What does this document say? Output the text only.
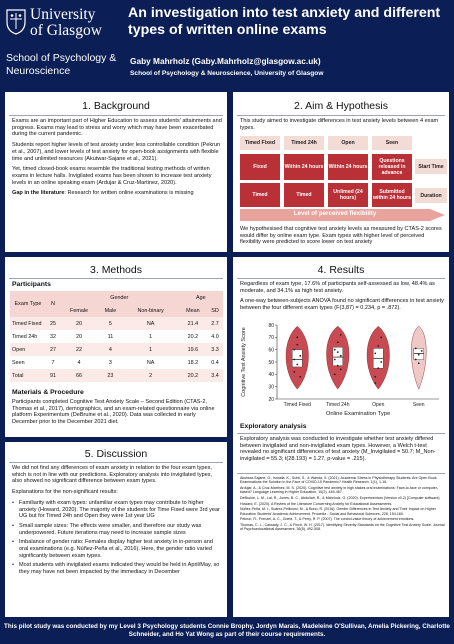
University
of Glasgow
School of Psychology &
Neuroscience
An investigation into test anxiety and different types of written online exams
Gaby Mahrholz (Gaby.Mahrholz@glasgow.ac.uk)
School of Psychology & Neuroscience, University of Glasgow
1. Background

Exams are an important part of Higher Education to assess students' attainments and progress. Exams may lead to stress and worry which may have been exacerbated during the current pandemic.

Students report higher levels of test anxiety under less controllable condition (Pekrun et al., 2007), and lower levels of test anxiety for open-book assignments with flexible time and unlimited resources (Akutwar-Sajane et al., 2021).

Yet, timed closed-book exams resemble the traditional testing methods of written exams in lecture halls. Invigilated exams has been shown to increase test anxiety levels in an online speaking exam (Ardujar & Cruz-Martinez, 2020).

Gap in the literature: Research for written online examinations is missing

2. Aim & Hypothesis
This study aimed to investigate differences in test anxiety levels between 4 exam types.
Timed Fixed	Timed 24h	Open	Seen
Fixed	Within 24 hours Within 24 hours
Questions released in advance
Start Time
Timed	Timed	Unlimed (24 hours)
Submitted within 24 hours	Duration
Level of perceived flexibility
We hypothesised that cognitive test anxiety levels as measured by CTAS-2 scores would differ by online exam type. Exam types with higher level of perceived flexibility were predicted to score lower on test anxiety
3. Methods
Participants
Exam Type	N	Gender			Age	
		Female	Male	Non-binary	Mean	SD
Timed Fixed	25	20	5	NA	21.4	2.7
Timed 24h	32	20	11	1	20.2	4.0
Open	27	22	4	1	19.6	3.3
Seen	7	4	3	NA	18.2	0.4
Total	91	66	23	2	20.2	3.4
Materials & Procedure
Participants completed Cognitive Test Anxiety Scale – Second Edition (CTAS-2, Thomas et al., 2017), demographics, and an exam-related questionnaire via online platform Experimentum (DeBruine et al., 2020). Data was collected in early December prior to the December 2021 diet.
4. Results

Regardless of exam type, 17.6% of participants self-assessed as low, 48.4% as moderate, and 34.1% as high test anxiety.

A one-way between-subjects ANOVA found no significant differences in test anxiety between the four different exam types (F(3,87) = 0.234, p = .872).

20
30
40
50
60
70
80
Cognitive Test Anxiety Score
Online Examination Type
Timed Fixed	Timed 24h	Open	Seen
Exploratory analysis
Exploratory analysis was conducted to investigate whether test anxiety differed between invigilated and non-invigilated exam types. However, a Welch t-test revealed no significant differences of test anxiety (M_Invigilated = 50.7; M_Non-invigilated = 55.3; t(28.193) = 1.27, p-value = .215).

Akutwar-Sajane, G., Ismaila, K., Suhli, S., & Wanda, S. (2021). Academic Stress in Physiotherapy Students: Are Open Book Examinations the Solution in the Face of COVID-19 Pandemic? Health Research, 1(1), 1-16.

Ardujar, A., & Cruz-Martinez, M. S. (2020). Cognitive test anxiety in high stakes oral examinations: Face-to-face or computer-based? Language Learning in Higher Education, 10(2), 445-467.

DeBruine, L. M., Lai, R., Jones, B. C., Abdullah, R., & Mahrholz, G. (2020). Experimentum (Version v0.2) [Computer software].

Howard, E. (2020). A Review of the Literature Concerning Anxiety for Educational Assessments.

Núñez-Peña, M. I., Suárez-Pellicioni, M., & Bono, R. (2016). Gender Differences in Test Anxiety and Their Impact on Higher Education Students' Academic Achievement. Procedia - Social and Behavioral Sciences, 228, 154-160.

Pekrun, R., Frenzel, A. C., Goetz, T., & Perry, R. P. (2007). The control-value theory of achievement emotions.

Thomas, C. L., Cassady, J. C., & Finch, W. H. (2017). Identifying Severity Standards on the Cognitive Test Anxiety Scale. Journal of Psychoeducational Assessment, 36(5), 492-508.

5. Discussion

We did not find any differences of exam anxiety in relation to the four exam types, which is not in line with our predictions. Exploratory analysis into invigilated types, also showed no significant difference between exam types.

Explanations for the non-significant results:

• Familiarity with exam types: unfamiliar exam types may contribute to higher anxiety (Howard, 2020). The majority of the students for Time Fixed were 3rd year UG but for Timed 24h and Open they were 1st year UG
• Small sample sizes: The effects were smaller, and therefore our study was underpowered. Future iterations may need to increase sample sizes
• Imbalance of gender ratio: Females display higher test anxiety in in-person and oral examinations (e.g. Núñez-Peña et al., 2016). Here, the gender ratio varied significantly between exam types.
• Most students with invigilated exams indicated they would be held in April/May, so they may have not been impacted by the immediacy in December
This pilot study was conducted by my Level 3 Psychology students Connie Brophy, Jordyn Marais, Madeleine O'Sullivan, Amelia Pickering, Charlotte Schneider, and Ho Yat Wong as part of their course requirements.
